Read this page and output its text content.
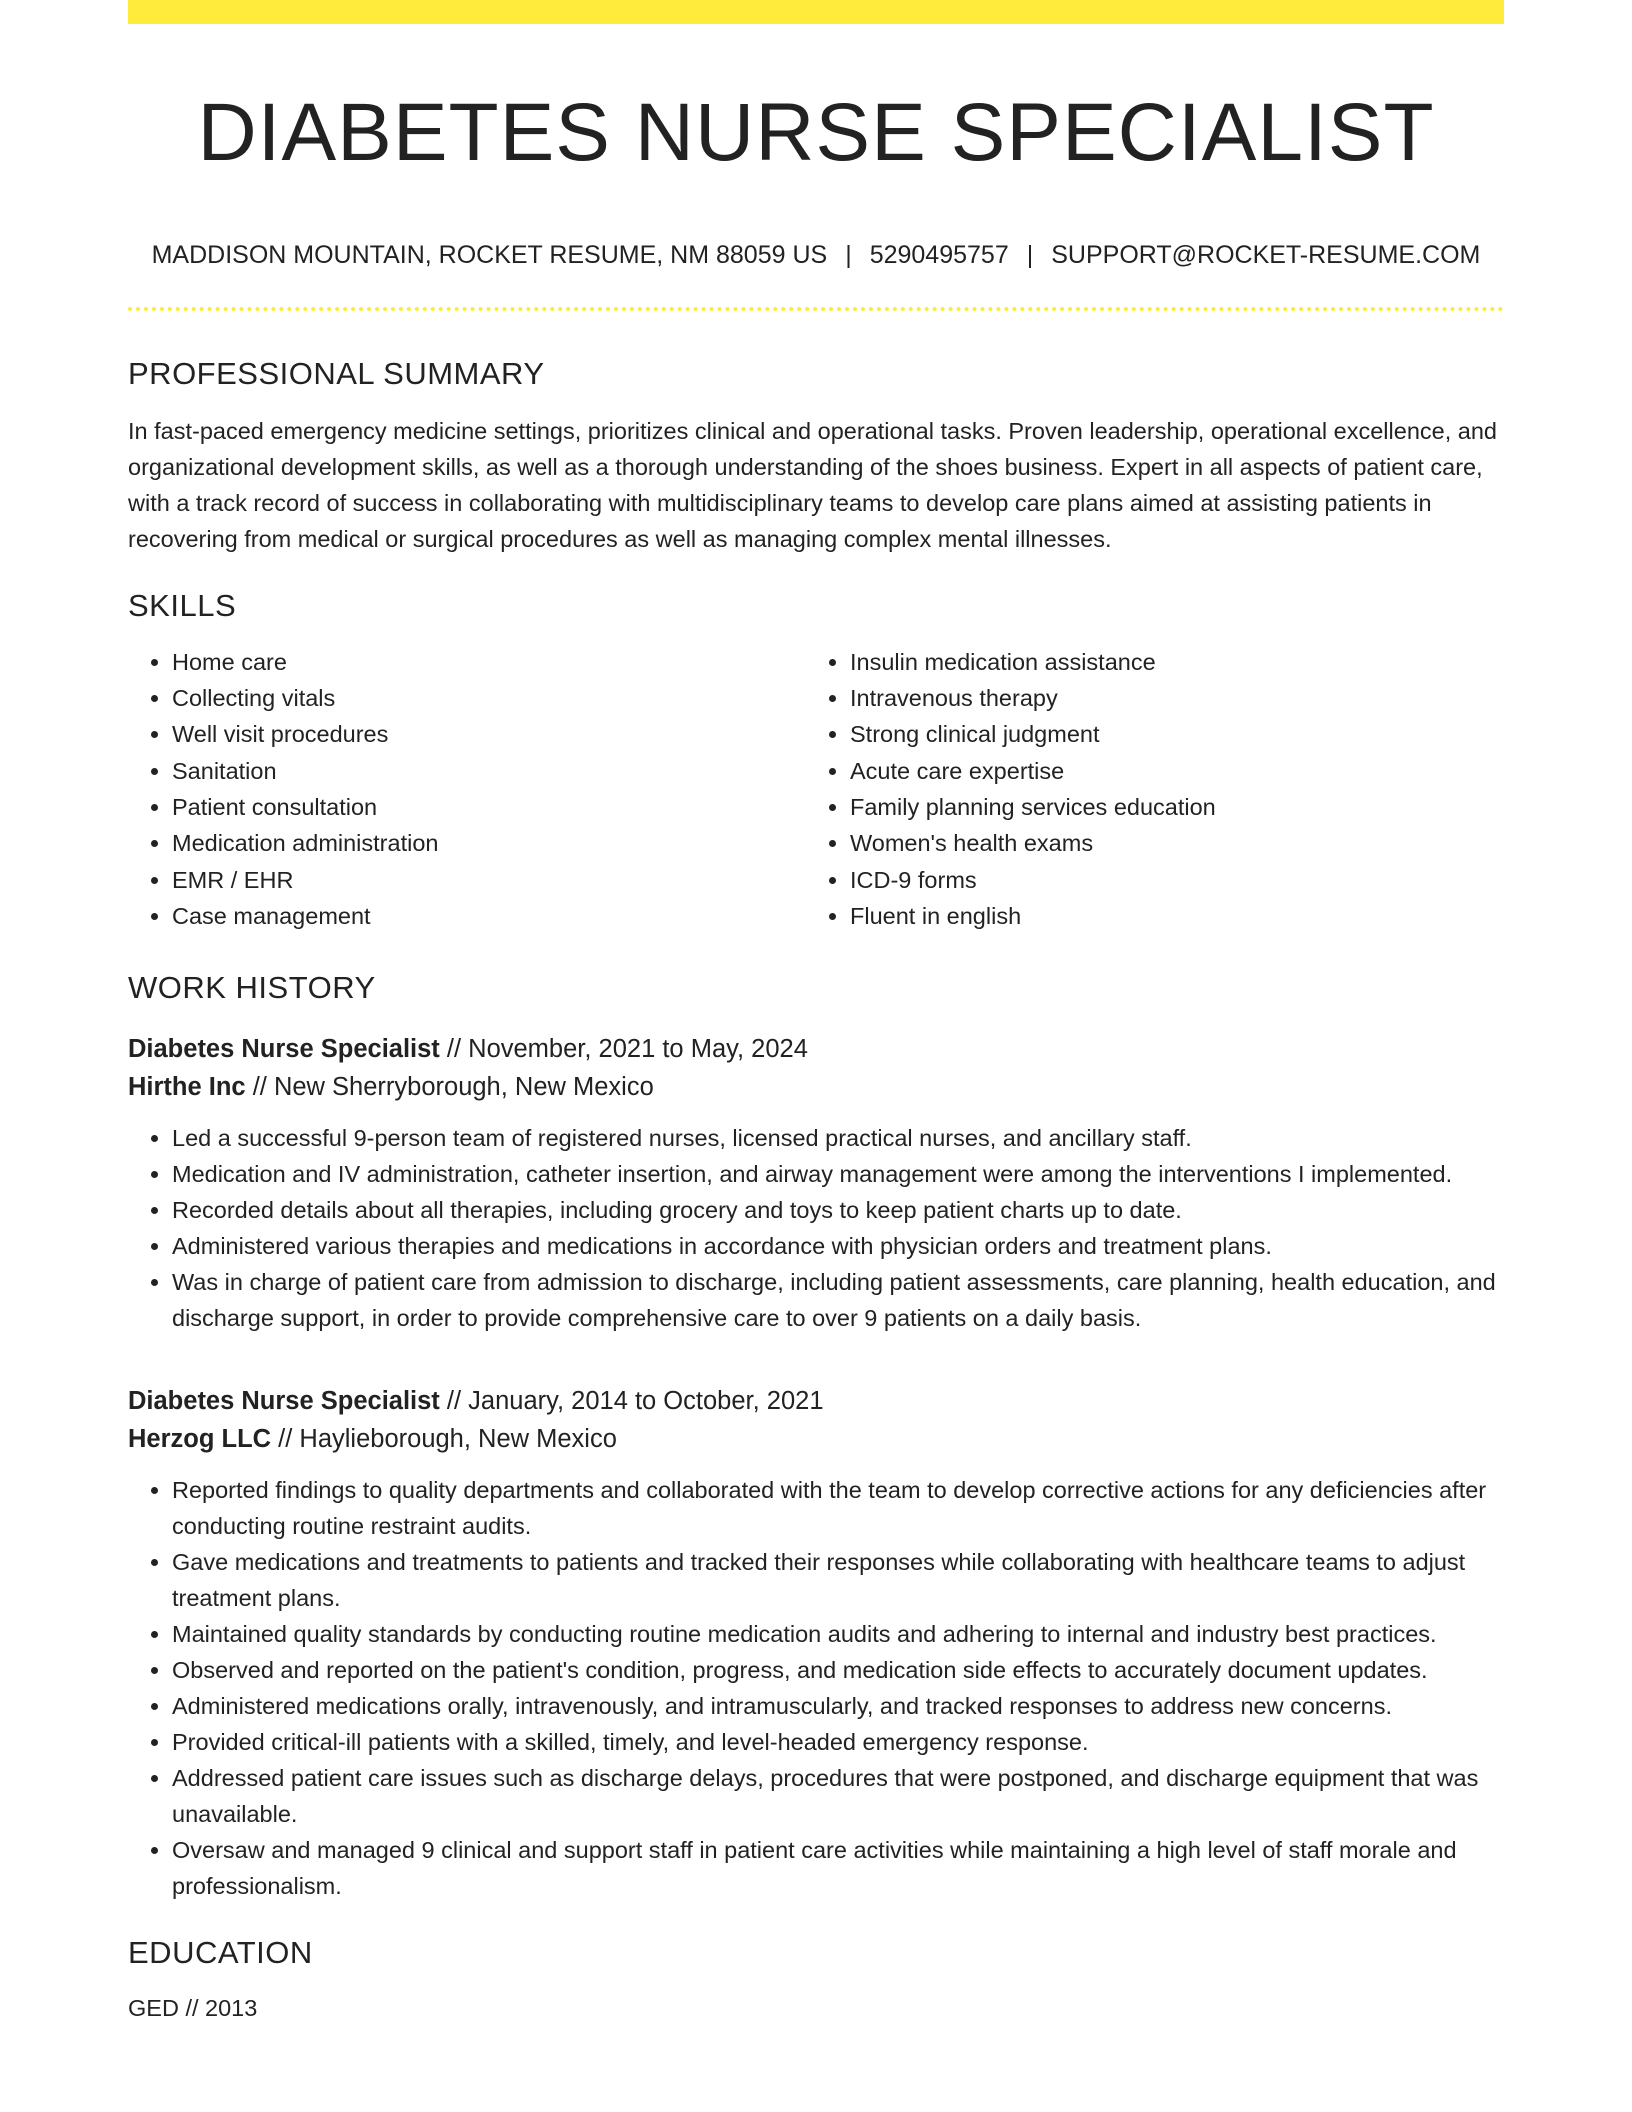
DIABETES NURSE SPECIALIST
MADDISON MOUNTAIN, ROCKET RESUME, NM 88059 US | 5290495757 | SUPPORT@ROCKET-RESUME.COM
PROFESSIONAL SUMMARY

In fast-paced emergency medicine settings, prioritizes clinical and operational tasks. Proven leadership, operational excellence, and organizational development skills, as well as a thorough understanding of the shoes business. Expert in all aspects of patient care, with a track record of success in collaborating with multidisciplinary teams to develop care plans aimed at assisting patients in recovering from medical or surgical procedures as well as managing complex mental illnesses.

SKILLS
• Home care
• Collecting vitals
• Well visit procedures
• Sanitation
• Patient consultation
• Medication administration
• EMR / EHR
• Case management
• Insulin medication assistance
• Intravenous therapy
• Strong clinical judgment
• Acute care expertise
• Family planning services education
• Women's health exams
• ICD-9 forms
• Fluent in english
WORK HISTORY
Diabetes Nurse Specialist // November, 2021 to May, 2024
Hirthe Inc // New Sherryborough, New Mexico
• Led a successful 9-person team of registered nurses, licensed practical nurses, and ancillary staff.
• Medication and IV administration, catheter insertion, and airway management were among the interventions I implemented.
• Recorded details about all therapies, including grocery and toys to keep patient charts up to date.
• Administered various therapies and medications in accordance with physician orders and treatment plans.
• Was in charge of patient care from admission to discharge, including patient assessments, care planning, health education, and discharge support, in order to provide comprehensive care to over 9 patients on a daily basis.
Diabetes Nurse Specialist // January, 2014 to October, 2021
Herzog LLC // Haylieborough, New Mexico
• Reported findings to quality departments and collaborated with the team to develop corrective actions for any deficiencies after conducting routine restraint audits.
• Gave medications and treatments to patients and tracked their responses while collaborating with healthcare teams to adjust treatment plans.
• Maintained quality standards by conducting routine medication audits and adhering to internal and industry best practices.
• Observed and reported on the patient's condition, progress, and medication side effects to accurately document updates.
• Administered medications orally, intravenously, and intramuscularly, and tracked responses to address new concerns.
• Provided critical-ill patients with a skilled, timely, and level-headed emergency response.
• Addressed patient care issues such as discharge delays, procedures that were postponed, and discharge equipment that was unavailable.
• Oversaw and managed 9 clinical and support staff in patient care activities while maintaining a high level of staff morale and professionalism.
EDUCATION
GED // 2013
